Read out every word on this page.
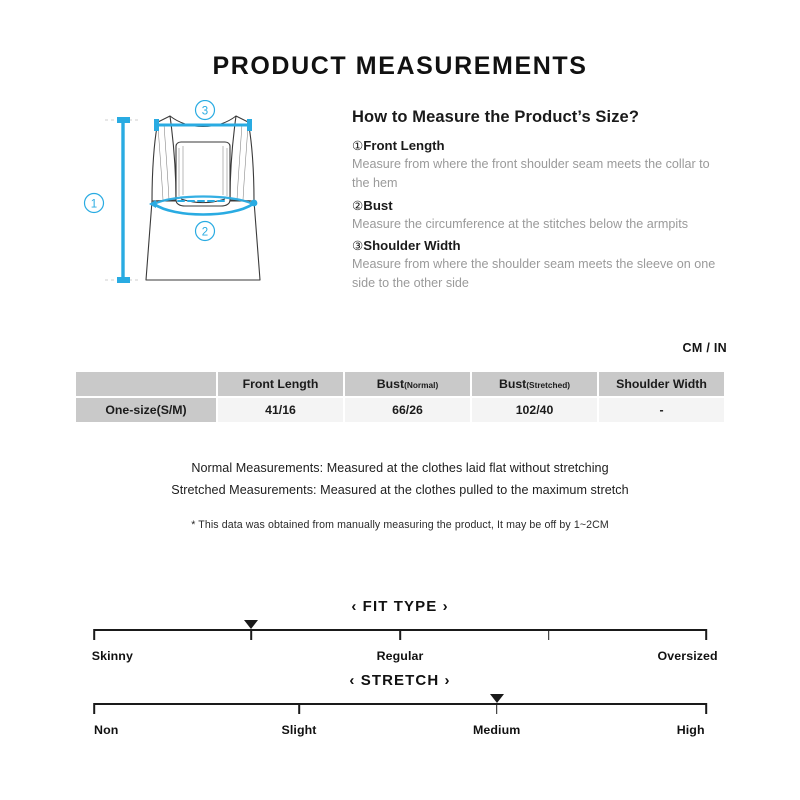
PRODUCT MEASUREMENTS
1
2
3	How to Measure the Product’s Size?
①Front Length
Measure from where the front shoulder seam meets the collar to the hem
②Bust
Measure the circumference at the stitches below the armpits
③Shoulder Width
Measure from where the shoulder seam meets the sleeve on one side to the other side
CM / IN
	Front Length	Bust(Normal)	Bust(Stretched)	Shoulder Width
One-size(S/M)	41/16	66/26	102/40	-
Normal Measurements: Measured at the clothes laid flat without stretching
Stretched Measurements: Measured at the clothes pulled to the maximum stretch
* This data was obtained from manually measuring the product, It may be off by 1~2CM
‹ FIT TYPE ›
Skinny	Regular	Oversized
‹ STRETCH ›
Non	Slight	Medium	High
